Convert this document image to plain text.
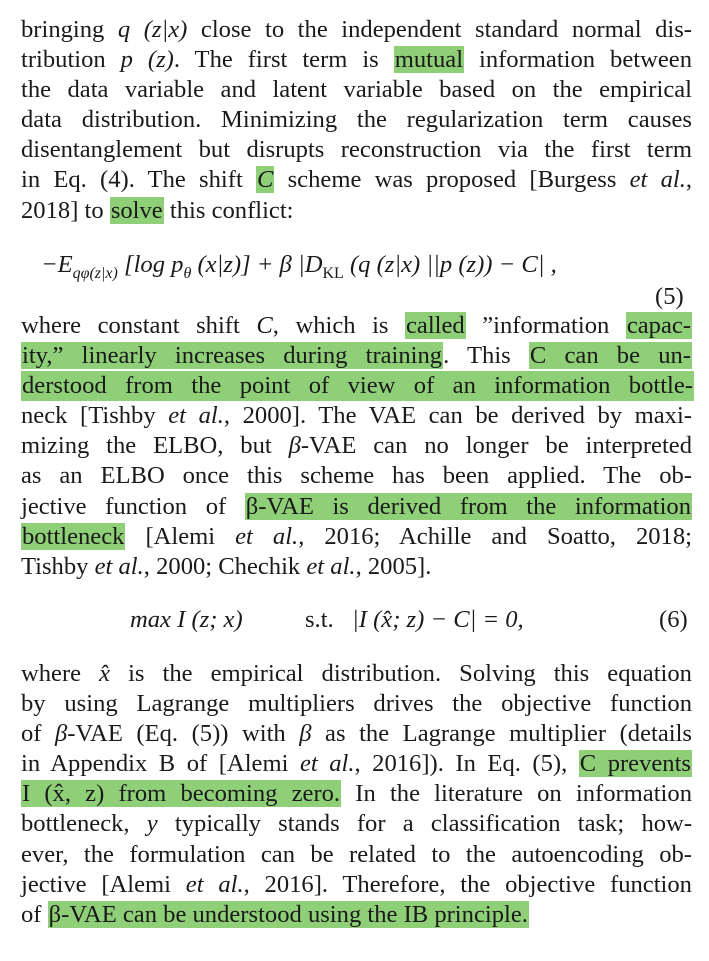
bringing q (z|x) close to the independent standard normal dis-
tribution p (z). The first term is mutual information between
the data variable and latent variable based on the empirical
data distribution. Minimizing the regularization term causes
disentanglement but disrupts reconstruction via the first term
in Eq. (4). The shift C scheme was proposed [Burgess et al.,
2018] to solve this conflict:
$-E_{q\varphi(z|x)}$ [log $p_\theta$ (x|z)] + β $|D_{KL}$ (q (z|x) ||p (z)) − C| ,
(5)
where constant shift C, which is called ”information capac-
ity,” linearly increases during training. This C can be un-
derstood from the point of view of an information bottle-
neck [Tishby et al., 2000]. The VAE can be derived by maxi-
mizing the ELBO, but β-VAE can no longer be interpreted
as an ELBO once this scheme has been applied. The ob-
jective function of β-VAE is derived from the information
bottleneck [Alemi et al., 2016; Achille and Soatto, 2018;
Tishby et al., 2000; Chechik et al., 2005].
max I (z; x)	s.t. |I (x̂; z) − C| = 0,	(6)
where x̂ is the empirical distribution. Solving this equation
by using Lagrange multipliers drives the objective function
of β-VAE (Eq. (5)) with β as the Lagrange multiplier (details
in Appendix B of [Alemi et al., 2016]). In Eq. (5), C prevents
I (x̂, z) from becoming zero. In the literature on information
bottleneck, y typically stands for a classification task; how-
ever, the formulation can be related to the autoencoding ob-
jective [Alemi et al., 2016]. Therefore, the objective function
of β-VAE can be understood using the IB principle.
